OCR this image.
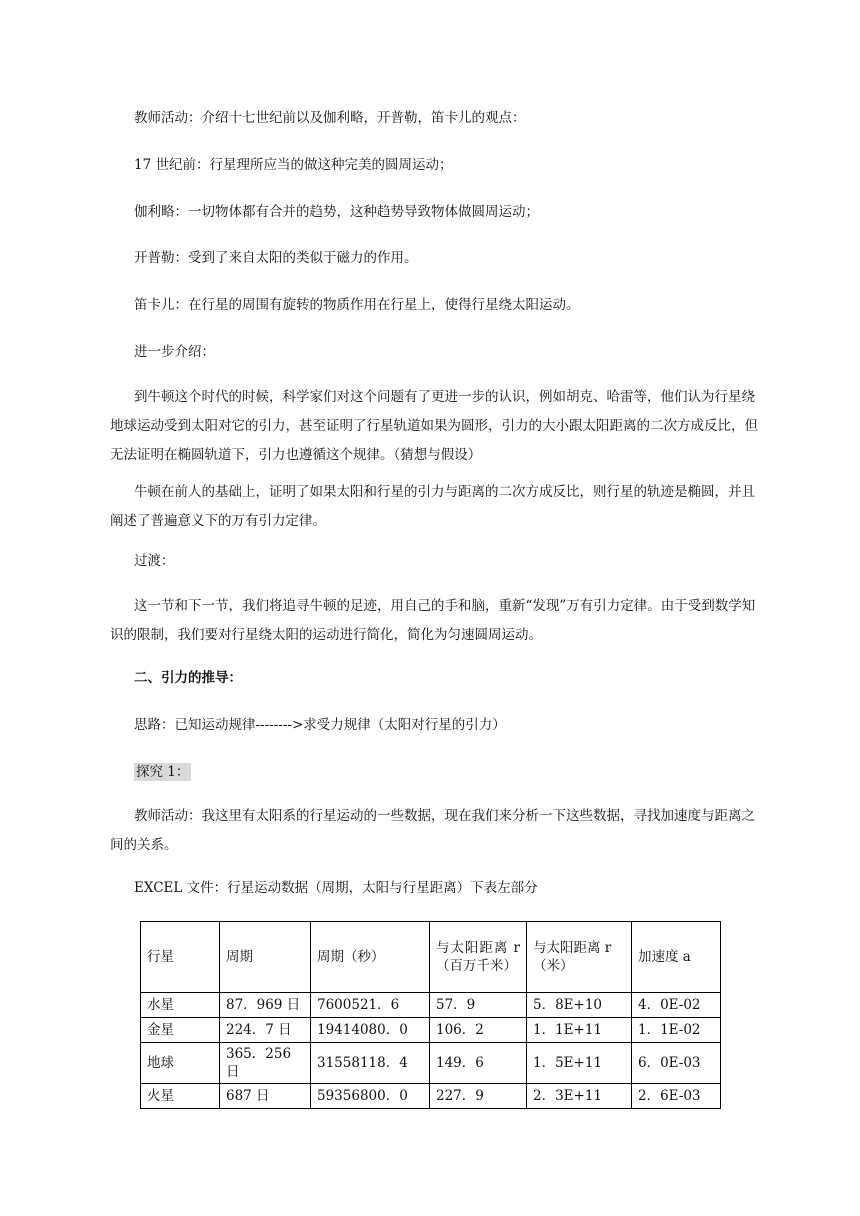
教师活动：介绍十七世纪前以及伽利略，开普勒，笛卡儿的观点：
17 世纪前：行星理所应当的做这种完美的圆周运动；
伽利略：一切物体都有合并的趋势，这种趋势导致物体做圆周运动；
开普勒：受到了来自太阳的类似于磁力的作用。
笛卡儿：在行星的周围有旋转的物质作用在行星上，使得行星绕太阳运动。
进一步介绍：
到牛顿这个时代的时候，科学家们对这个问题有了更进一步的认识，例如胡克、哈雷等，他们认为行星绕地球运动受到太阳对它的引力，甚至证明了行星轨道如果为圆形，引力的大小跟太阳距离的二次方成反比，但无法证明在椭圆轨道下，引力也遵循这个规律。（猜想与假设）
牛顿在前人的基础上，证明了如果太阳和行星的引力与距离的二次方成反比，则行星的轨迹是椭圆，并且阐述了普遍意义下的万有引力定律。
过渡：
这一节和下一节，我们将追寻牛顿的足迹，用自己的手和脑，重新“发现”万有引力定律。由于受到数学知识的限制，我们要对行星绕太阳的运动进行简化，简化为匀速圆周运动。
二、引力的推导：
思路：已知运动规律-------->求受力规律（太阳对行星的引力）
探究 1：
教师活动：我这里有太阳系的行星运动的一些数据，现在我们来分析一下这些数据，寻找加速度与距离之间的关系。
EXCEL 文件：行星运动数据（周期，太阳与行星距离）下表左部分
行星	周期	周期（秒）	与太阳距离 r（百万千米）	与太阳距离 r（米）	加速度 a
水星	87．969 日	7600521．6	57．9	5．8E+10	4．0E-02
金星	224．7 日	19414080．0	106．2	1．1E+11	1．1E-02
地球	365．256 日	31558118．4	149．6	1．5E+11	6．0E-03
火星	687 日	59356800．0	227．9	2．3E+11	2．6E-03
